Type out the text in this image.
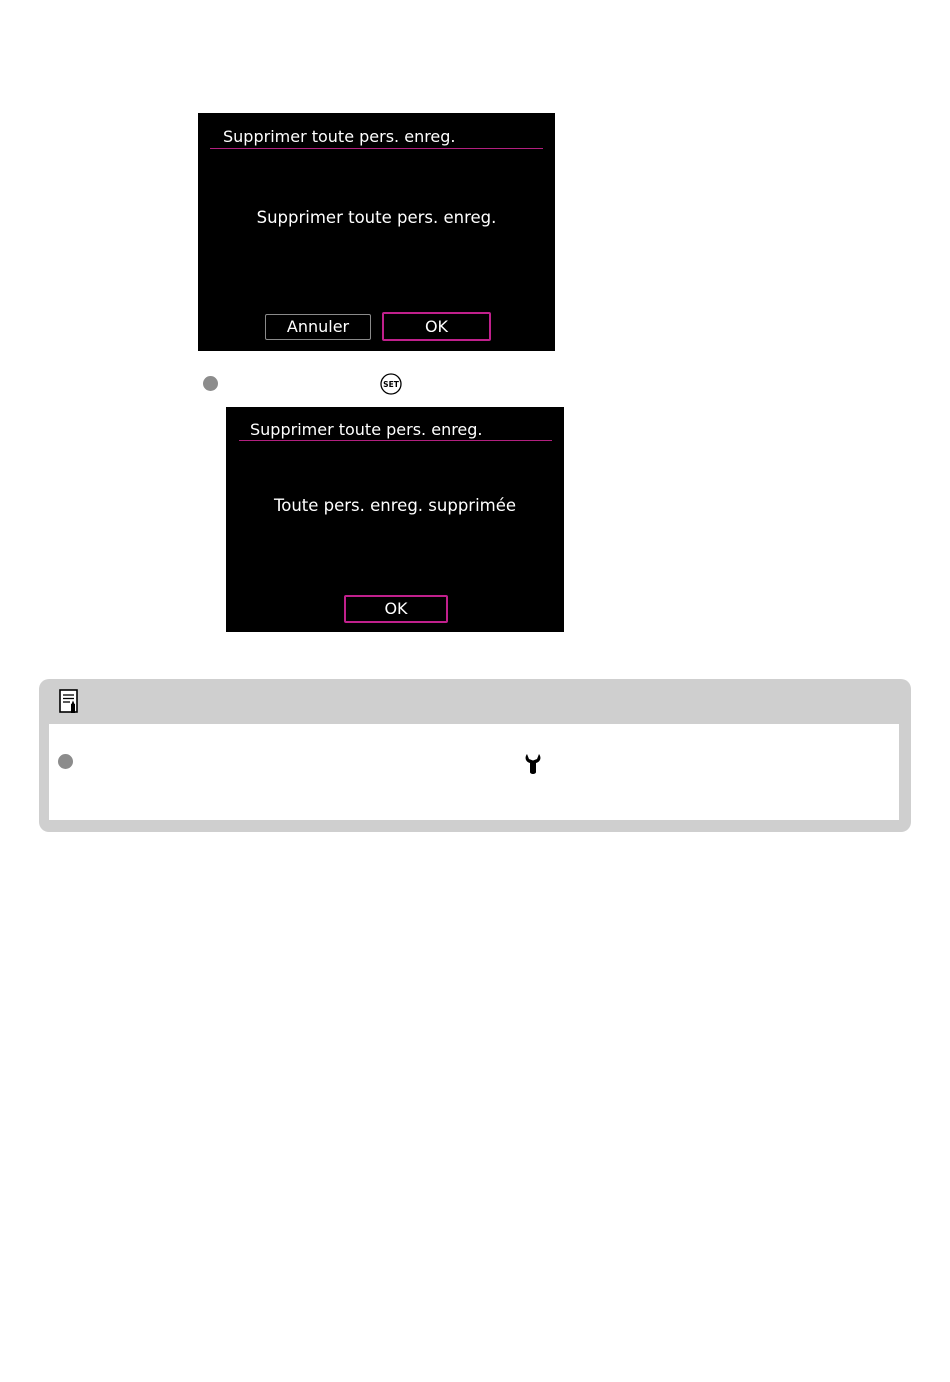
Supprimer toute pers. enreg.
Supprimer toute pers. enreg.
Annuler	OK
SET
Supprimer toute pers. enreg.
Toute pers. enreg. supprimée
OK
